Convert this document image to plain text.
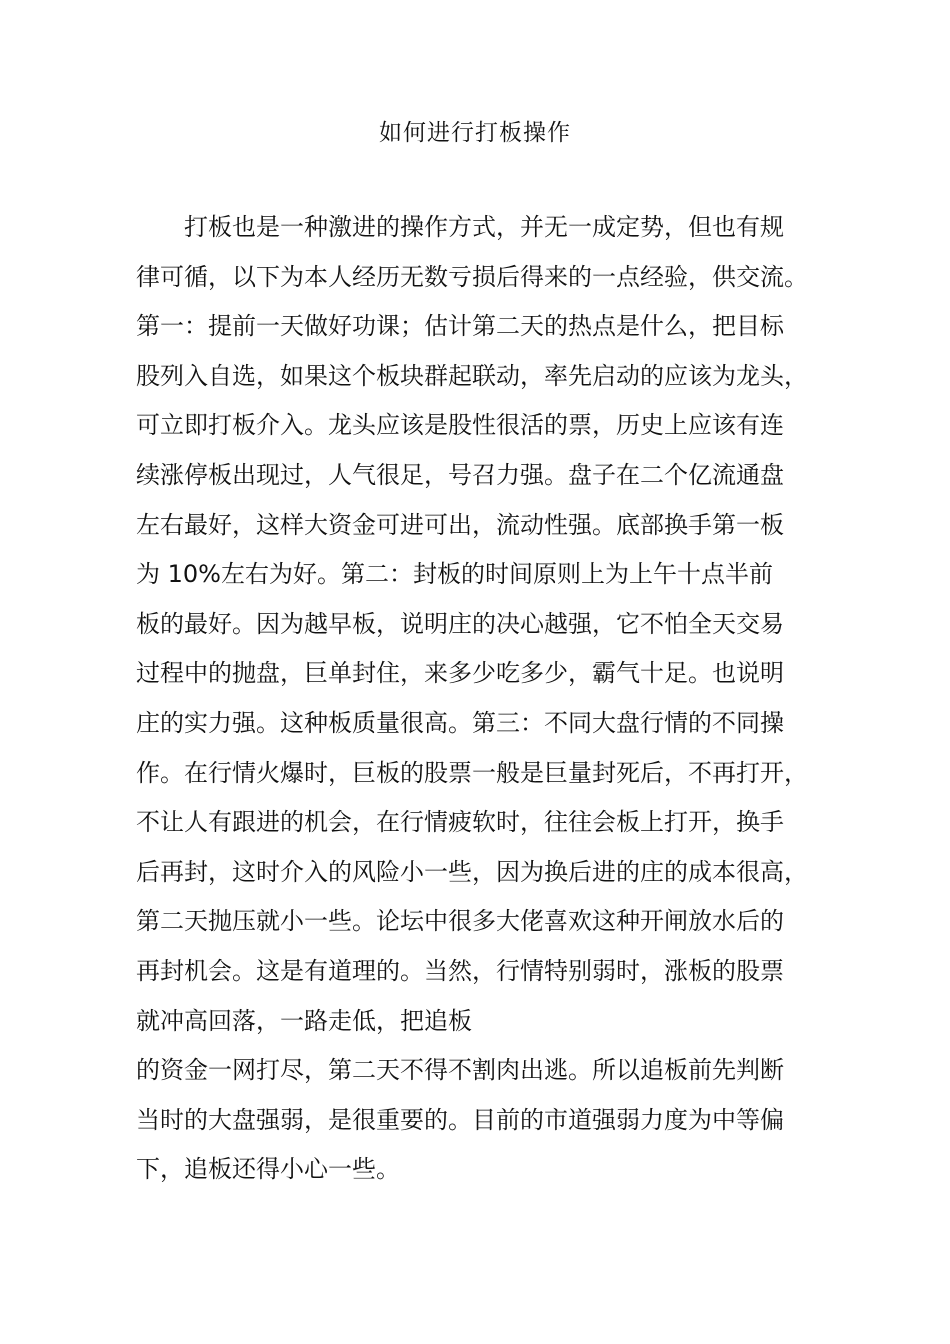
如何进行打板操作
打板也是一种激进的操作方式，并无一成定势，但也有规
律可循，以下为本人经历无数亏损后得来的一点经验，供交流。
第一：提前一天做好功课；估计第二天的热点是什么，把目标
股列入自选，如果这个板块群起联动，率先启动的应该为龙头，
可立即打板介入。龙头应该是股性很活的票，历史上应该有连
续涨停板出现过，人气很足，号召力强。盘子在二个亿流通盘
左右最好，这样大资金可进可出，流动性强。底部换手第一板
为 10%左右为好。第二：封板的时间原则上为上午十点半前
板的最好。因为越早板，说明庄的决心越强，它不怕全天交易
过程中的抛盘，巨单封住，来多少吃多少，霸气十足。也说明
庄的实力强。这种板质量很高。第三：不同大盘行情的不同操
作。在行情火爆时，巨板的股票一般是巨量封死后，不再打开，
不让人有跟进的机会，在行情疲软时，往往会板上打开，换手
后再封，这时介入的风险小一些，因为换后进的庄的成本很高，
第二天抛压就小一些。论坛中很多大佬喜欢这种开闸放水后的
再封机会。这是有道理的。当然，行情特别弱时，涨板的股票
就冲高回落，一路走低，把追板
的资金一网打尽，第二天不得不割肉出逃。所以追板前先判断
当时的大盘强弱，是很重要的。目前的市道强弱力度为中等偏
下，追板还得小心一些。
